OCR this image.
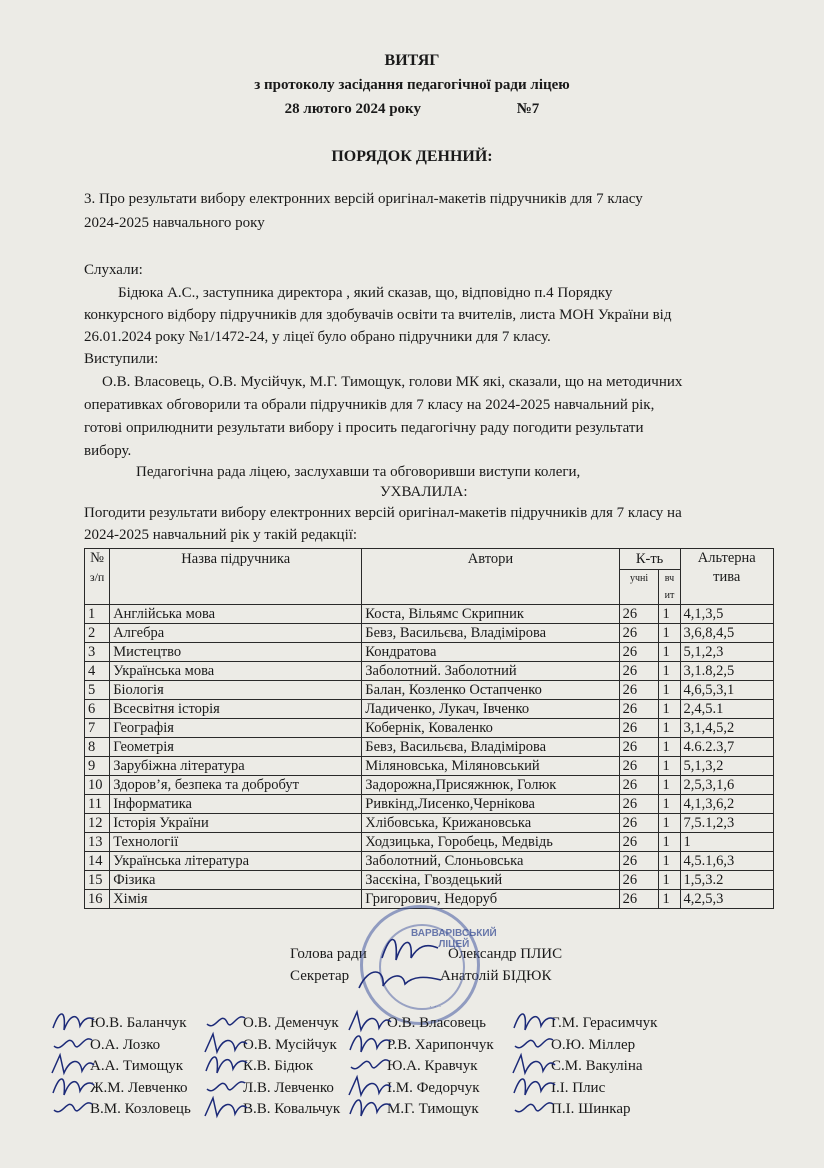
ВИТЯГ
з протоколу засідання педагогічної ради ліцею
28 лютого 2024 року	№7
ПОРЯДОК ДЕННИЙ:
3. Про результати вибору електронних версій оригінал-макетів підручників для 7 класу
2024-2025 навчального року
Слухали:
Бідюка А.С., заступника директора , який сказав, що, відповідно п.4 Порядку
конкурсного відбору підручників для здобувачів освіти та вчителів, листа МОН України від
26.01.2024 року №1/1472-24, у ліцеї було обрано підручники для 7 класу.
Виступили:
О.В. Власовець, О.В. Мусійчук, М.Г. Тимощук, голови МК які, сказали, що на методичних
оперативках обговорили та обрали підручників для 7 класу на 2024-2025 навчальний рік,
готові оприлюднити результати вибору і просить педагогічну раду погодити результати
вибору.
Педагогічна рада ліцею, заслухавши та обговоривши виступи колеги,
УХВАЛИЛА:
Погодити результати вибору електронних версій оригінал-макетів підручників для 7 класу на
2024-2025 навчальний рік у такій редакції:
№
з/п	Назва підручника	Автори	К-ть		Альтерна
тива
			учні	вч
ит	
1	Англійська мова	Коста, Вільямс Скрипник	26	1	4,1,3,5
2	Алгебра	Бевз, Васильєва, Владімірова	26	1	3,6,8,4,5
3	Мистецтво	Кондратова	26	1	5,1,2,3
4	Українська мова	Заболотний. Заболотний	26	1	3,1.8,2,5
5	Біологія	Балан, Козленко Остапченко	26	1	4,6,5,3,1
6	Всесвітня історія	Ладиченко, Лукач, Івченко	26	1	2,4,5.1
7	Географія	Кобернік, Коваленко	26	1	3,1,4,5,2
8	Геометрія	Бевз, Васильєва, Владімірова	26	1	4.6.2.3,7
9	Зарубіжна література	Міляновська, Міляновський	26	1	5,1,3,2
10	Здоров’я, безпека та добробут	Задорожна,Присяжнюк, Голюк	26	1	2,5,3,1,6
11	Інформатика	Ривкінд,Лисенко,Чернікова	26	1	4,1,3,6,2
12	Історія України	Хлібовська, Крижановська	26	1	7,5.1,2,3
13	Технології	Ходзицька, Горобець, Медвідь	26	1	1
14	Українська література	Заболотний, Слоньовська	26	1	4,5.1,6,3
15	Фізика	Засєкіна, Гвоздецький	26	1	1,5,3.2
16	Хімія	Григорович, Недоруб	26	1	4,2,5,3
Голова ради	Олександр ПЛИС
Секретар	Анатолій БІДЮК
ВАРВАРІВСЬКИЙ ЛІЦЕЙ
· · ·
Ю.В. Баланчук	О.В. Деменчук	О.В. Власовець	Г.М. Герасимчук
О.А. Лозко	О.В. Мусійчук	Р.В. Харипончук	О.Ю. Міллер
А.А. Тимощук	К.В. Бідюк	Ю.А. Кравчук	С.М. Вакуліна
Ж.М. Левченко	Л.В. Левченко	І.М. Федорчук	І.І. Плис
В.М. Козловець	В.В. Ковальчук	М.Г. Тимощук	П.І. Шинкар
